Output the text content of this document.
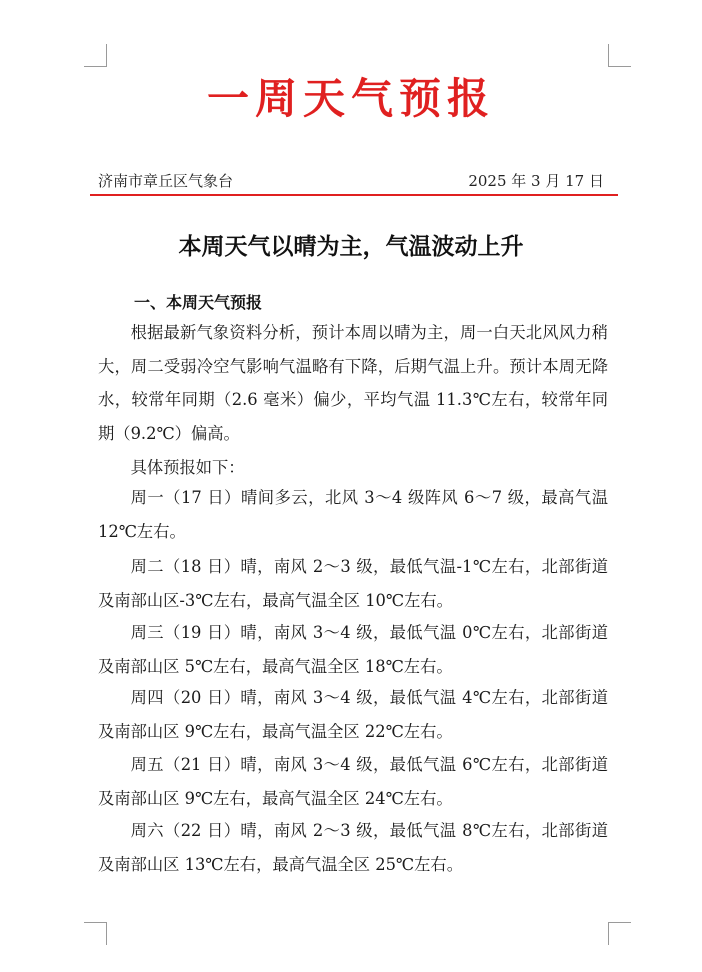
一周天气预报
济南市章丘区气象台	2025 年 3 月 17 日
本周天气以晴为主，气温波动上升
一、本周天气预报

根据最新气象资料分析，预计本周以晴为主，周一白天北风风力稍大，周二受弱冷空气影响气温略有下降，后期气温上升。预计本周无降水，较常年同期（2.6 毫米）偏少，平均气温 11.3℃左右，较常年同期（9.2℃）偏高。

具体预报如下：

周一（17 日）晴间多云，北风 3～4 级阵风 6～7 级，最高气温 12℃左右。

周二（18 日）晴，南风 2～3 级，最低气温-1℃左右，北部街道及南部山区-3℃左右，最高气温全区 10℃左右。

周三（19 日）晴，南风 3～4 级，最低气温 0℃左右，北部街道及南部山区 5℃左右，最高气温全区 18℃左右。

周四（20 日）晴，南风 3～4 级，最低气温 4℃左右，北部街道及南部山区 9℃左右，最高气温全区 22℃左右。

周五（21 日）晴，南风 3～4 级，最低气温 6℃左右，北部街道及南部山区 9℃左右，最高气温全区 24℃左右。

周六（22 日）晴，南风 2～3 级，最低气温 8℃左右，北部街道及南部山区 13℃左右，最高气温全区 25℃左右。
